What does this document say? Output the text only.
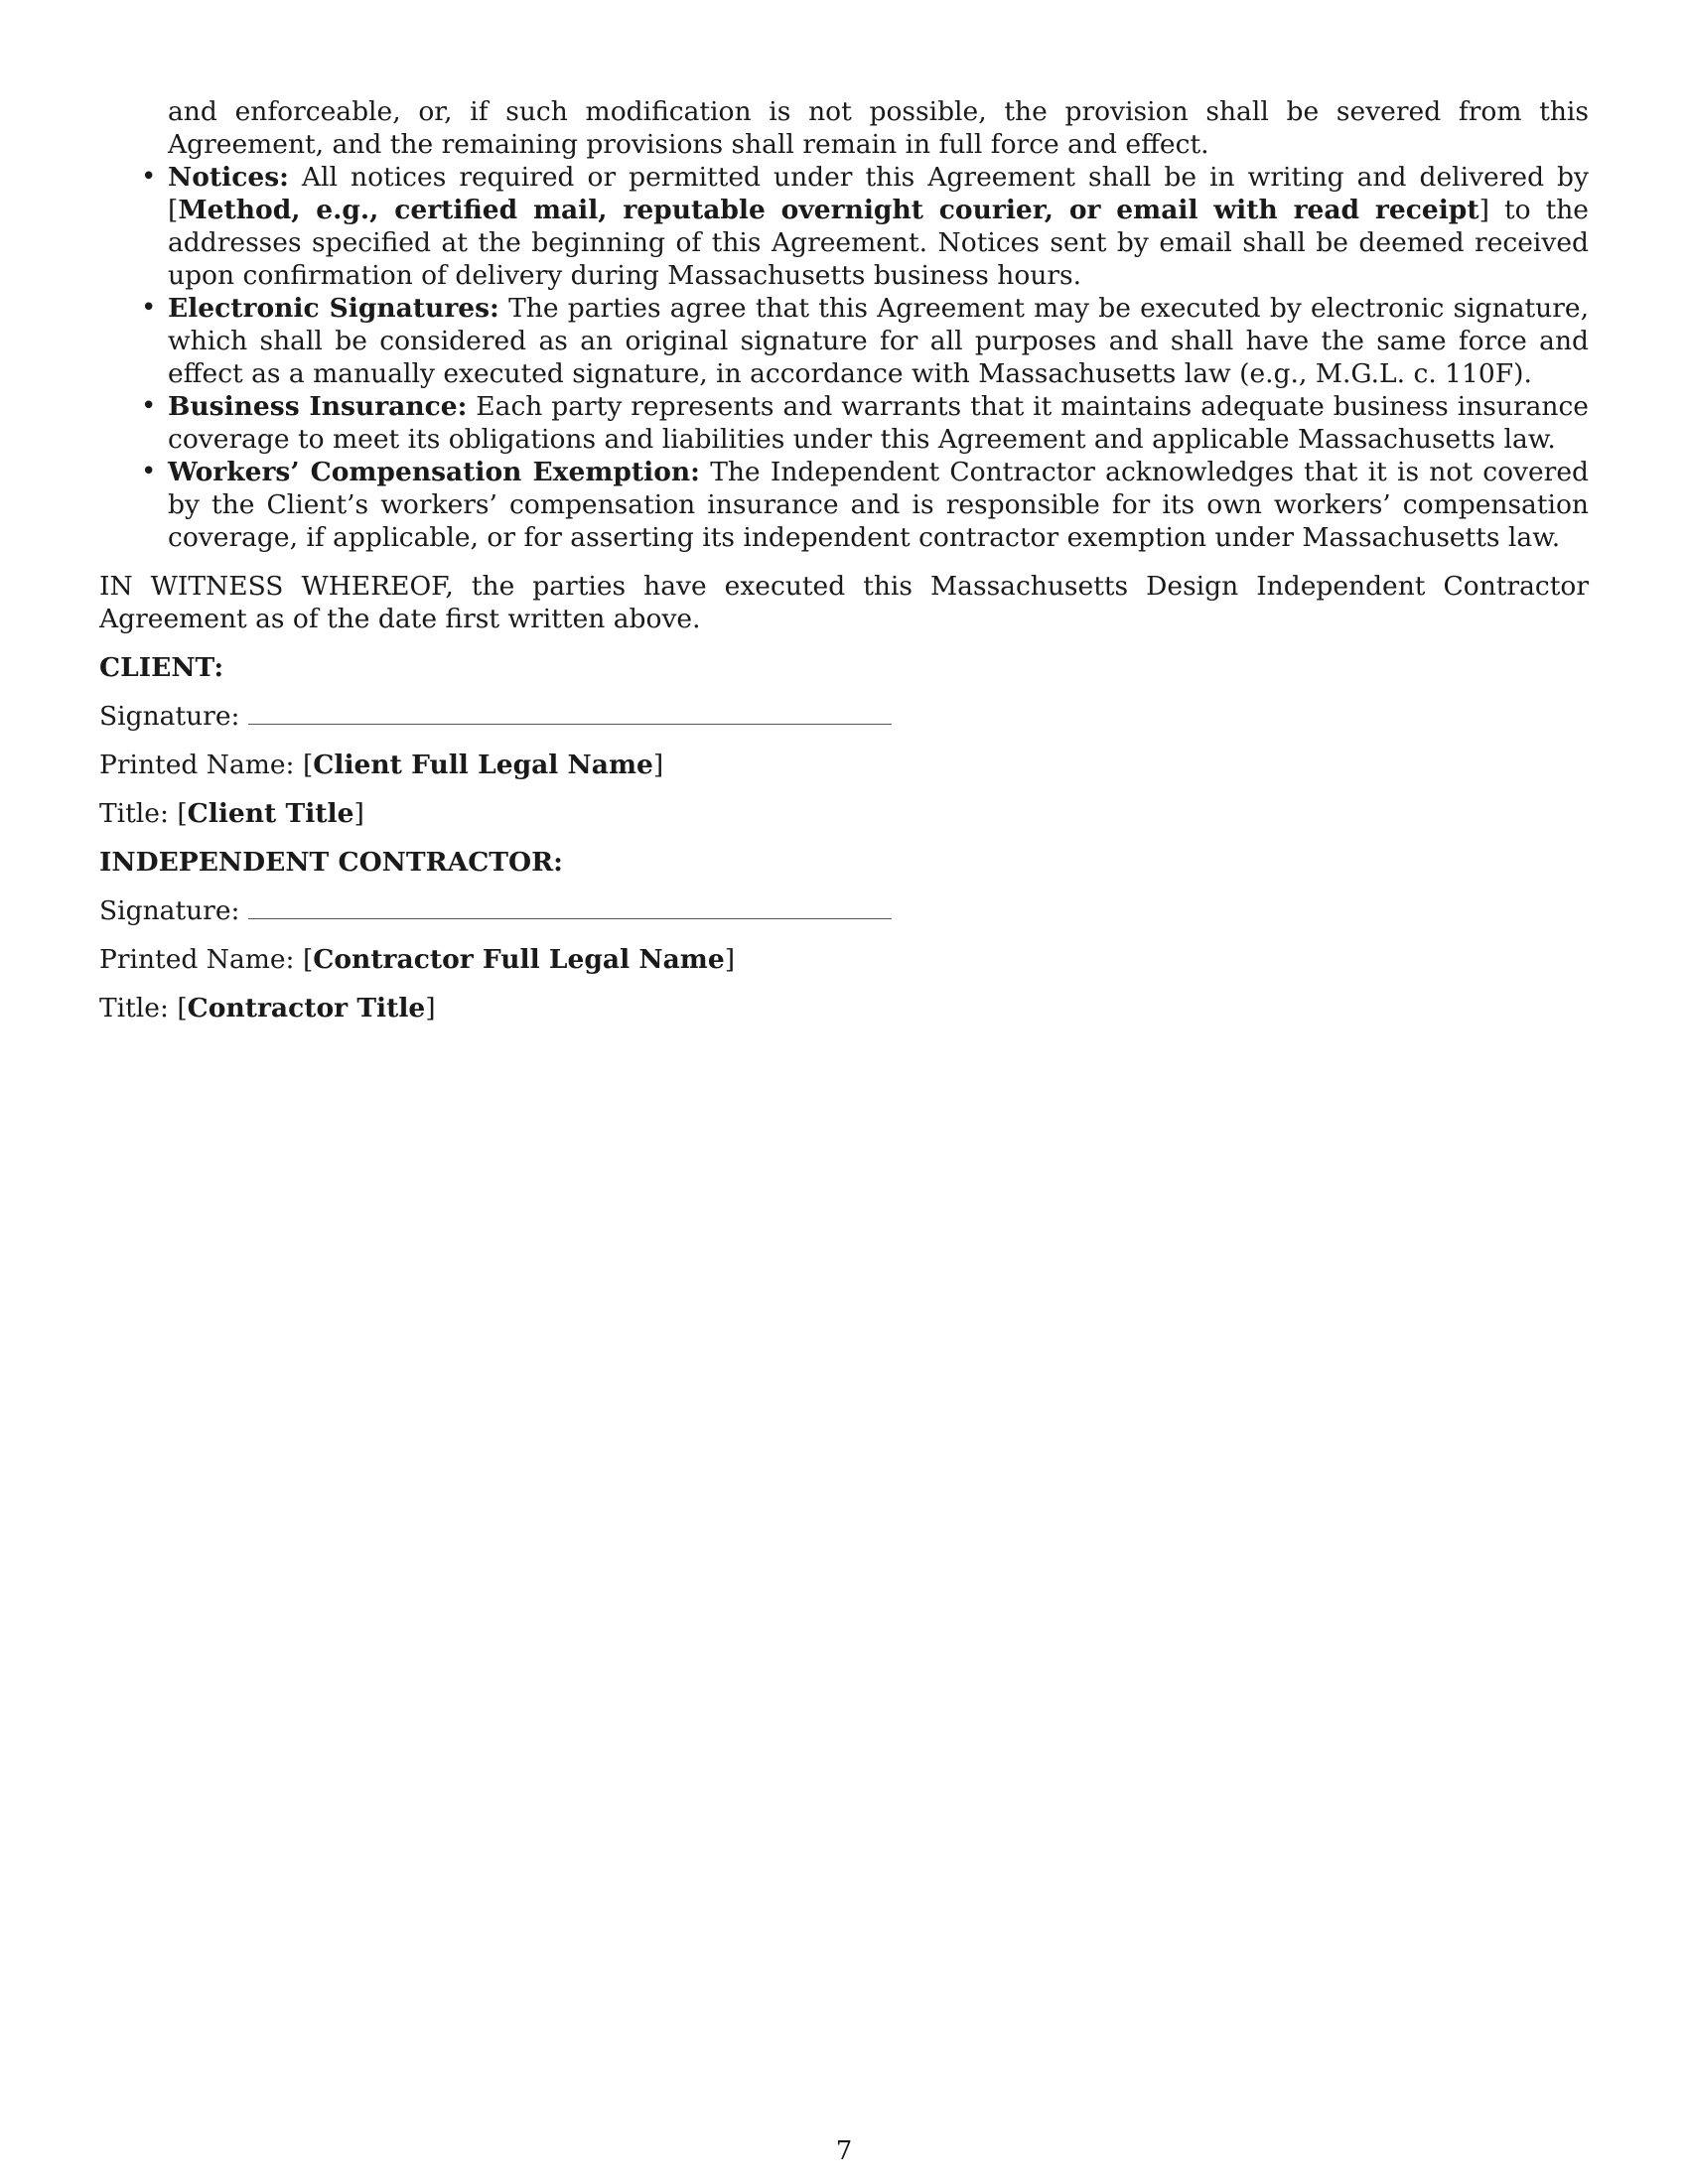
and enforceable, or, if such modification is not possible, the provision shall be severed from this Agreement, and the remaining provisions shall remain in full force and effect.

• Notices: All notices required or permitted under this Agreement shall be in writing and delivered by [Method, e.g., certified mail, reputable overnight courier, or email with read receipt] to the addresses specified at the beginning of this Agreement. Notices sent by email shall be deemed received upon confirmation of delivery during Massachusetts business hours.
• Electronic Signatures: The parties agree that this Agreement may be executed by electronic signature, which shall be considered as an original signature for all purposes and shall have the same force and effect as a manually executed signature, in accordance with Massachusetts law (e.g., M.G.L. c. 110F).
• Business Insurance: Each party represents and warrants that it maintains adequate business insurance coverage to meet its obligations and liabilities under this Agreement and applicable Massachusetts law.
• Workers’ Compensation Exemption: The Independent Contractor acknowledges that it is not covered by the Client’s workers’ compensation insurance and is responsible for its own workers’ compensation coverage, if applicable, or for asserting its independent contractor exemption under Massachusetts law.

IN WITNESS WHEREOF, the parties have executed this Massachusetts Design Independent Contractor Agreement as of the date first written above.

CLIENT:
Signature:
Printed Name: [Client Full Legal Name]
Title: [Client Title]
INDEPENDENT CONTRACTOR:
Signature:
Printed Name: [Contractor Full Legal Name]
Title: [Contractor Title]
7
